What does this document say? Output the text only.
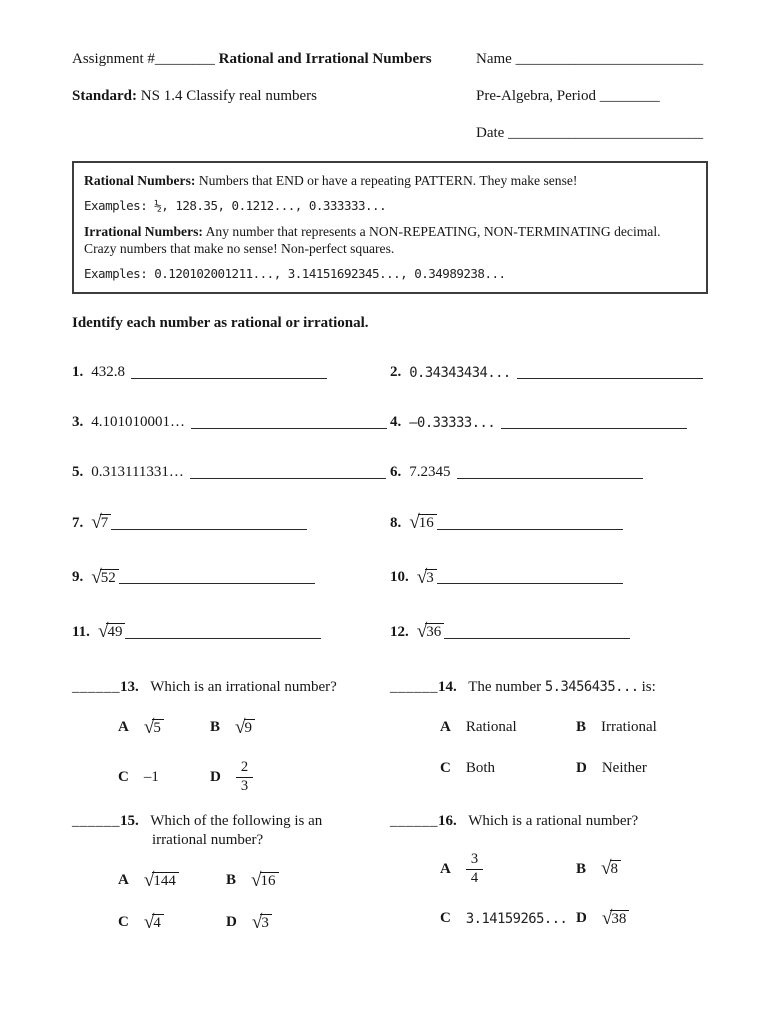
Assignment #________ Rational and Irrational Numbers	Name _________________________
Standard: NS 1.4 Classify real numbers	Pre-Algebra, Period ________
Date __________________________

Rational Numbers: Numbers that END or have a repeating PATTERN. They make sense!

Examples: ½, 128.35, 0.1212..., 0.333333...

Irrational Numbers: Any number that represents a NON-REPEATING, NON-TERMINATING decimal. Crazy numbers that make no sense! Non-perfect squares.

Examples: 0.120102001211..., 3.14151692345..., 0.34989238...

Identify each number as rational or irrational.
1. 432.8	2. 0.34343434...
3. 4.101010001…	4. –0.33333...
5. 0.313111331…	6. 7.2345
7. √ 7	8. √ 16
9. √ 52	10. √ 3
11. √ 49	12. √ 36
______13. Which is an irrational number?
A √ 5	B √ 9
C –1	D $\frac{2}{3}$
______14. The number 5.3456435... is:
A Rational	B Irrational
C Both	D Neither
______15. Which of the following is an
irrational number?
A √ 144	B √ 16
C √ 4	D √ 3
______16. Which is a rational number?
A $\frac{3}{4}$	B √ 8
C 3.14159265... D √ 38
